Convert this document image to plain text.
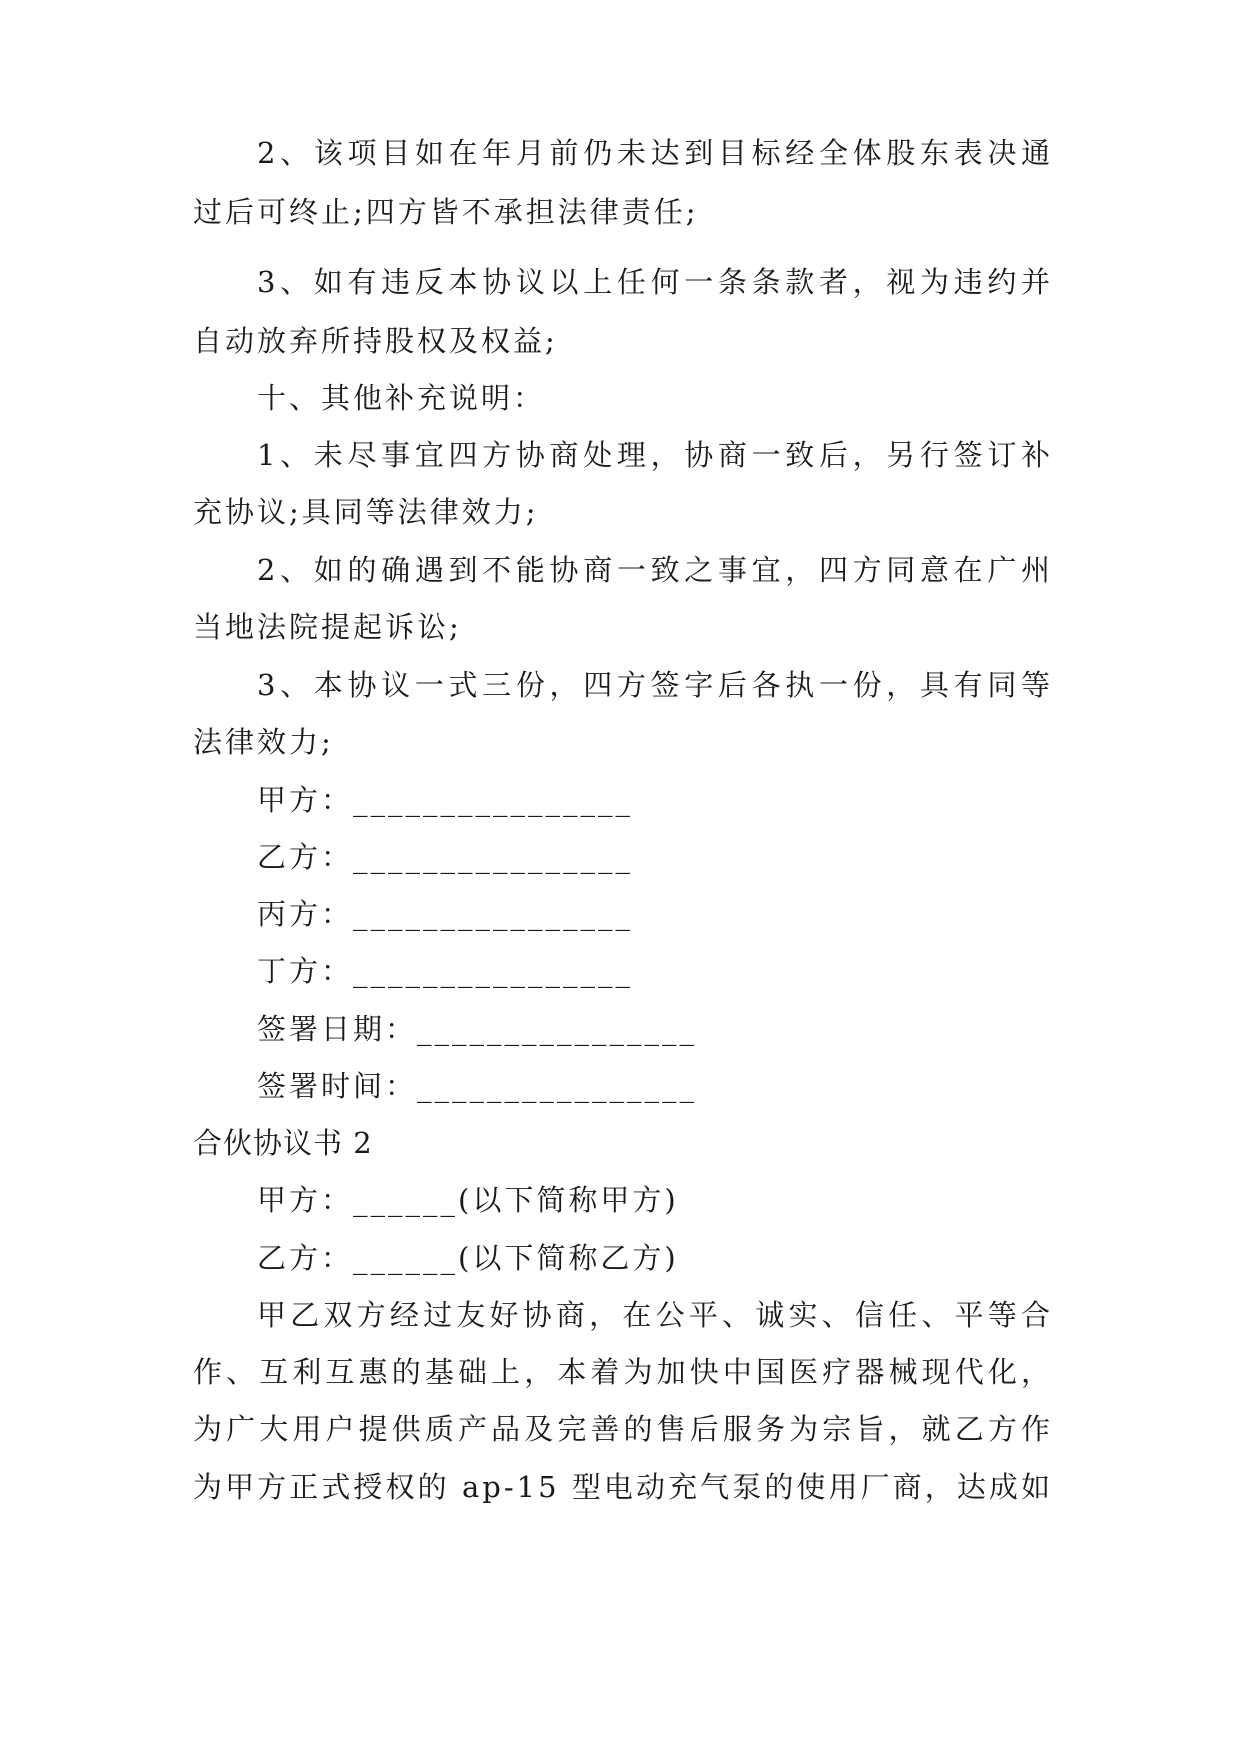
2、该项目如在年月前仍未达到目标经全体股东表决通
过后可终止;四方皆不承担法律责任;
3、如有违反本协议以上任何一条条款者，视为违约并
自动放弃所持股权及权益;
十、其他补充说明：
1、未尽事宜四方协商处理，协商一致后，另行签订补
充协议;具同等法律效力;
2、如的确遇到不能协商一致之事宜，四方同意在广州
当地法院提起诉讼;
3、本协议一式三份，四方签字后各执一份，具有同等
法律效力;
甲方：________________
乙方：________________
丙方：________________
丁方：________________
签署日期：________________
签署时间：________________
合伙协议书 2
甲方：______(以下简称甲方)
乙方：______(以下简称乙方)
甲乙双方经过友好协商，在公平、诚实、信任、平等合
作、互利互惠的基础上，本着为加快中国医疗器械现代化，
为广大用户提供质产品及完善的售后服务为宗旨，就乙方作
为甲方正式授权的 ap-15 型电动充气泵的使用厂商，达成如
